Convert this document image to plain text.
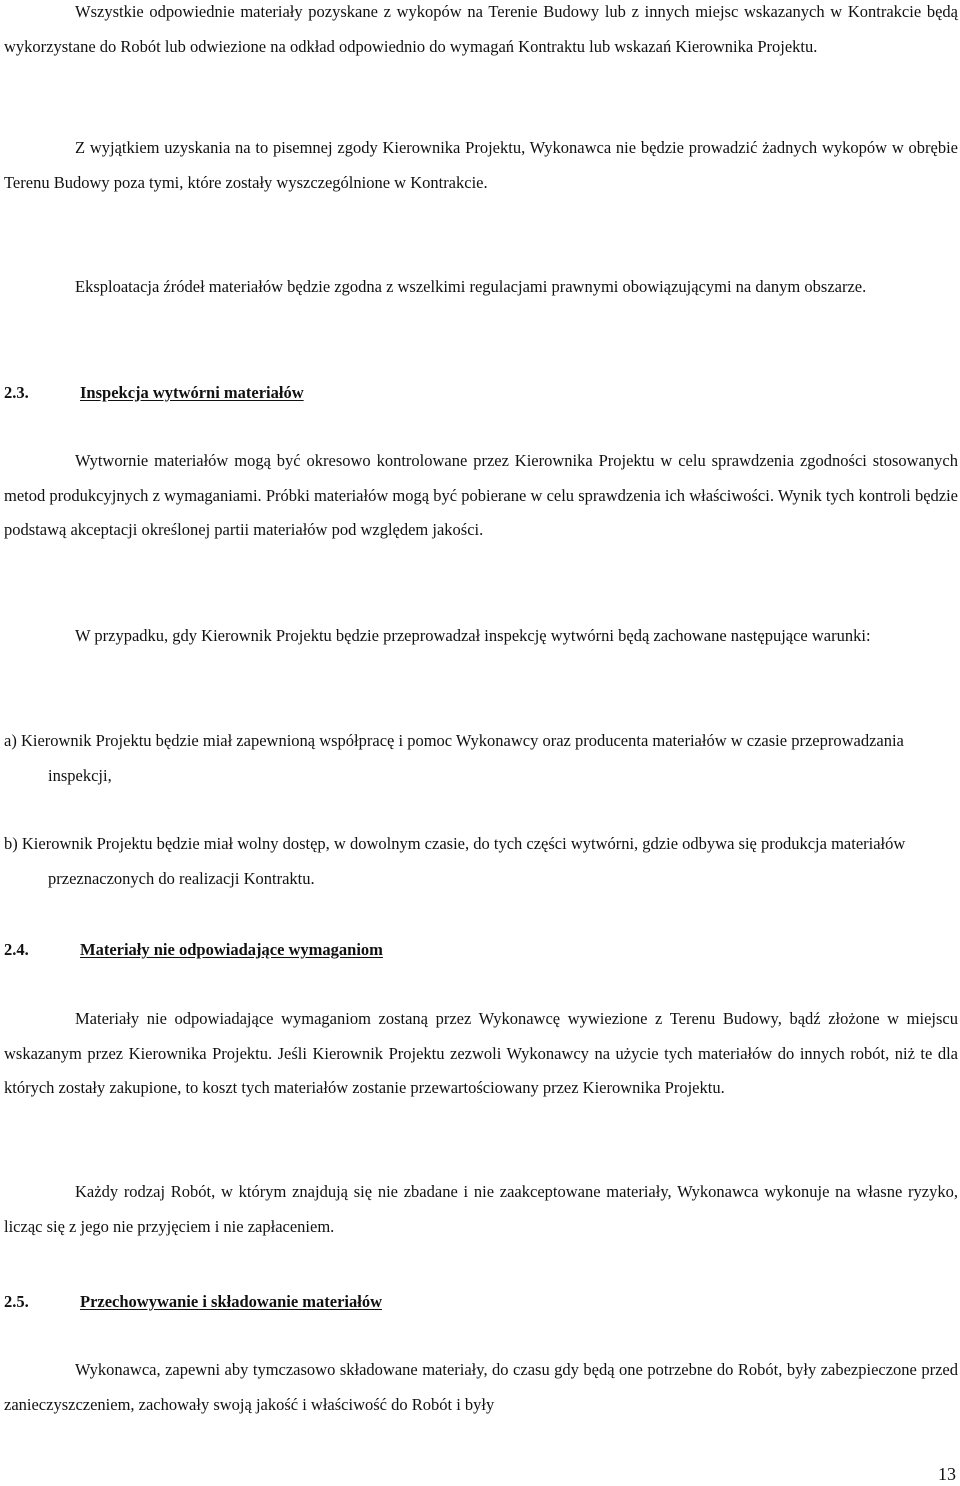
Wszystkie odpowiednie materiały pozyskane z wykopów na Terenie Budowy lub z innych miejsc wskazanych w Kontrakcie będą wykorzystane do Robót lub odwiezione na odkład odpowiednio do wymagań Kontraktu lub wskazań Kierownika Projektu.

Z wyjątkiem uzyskania na to pisemnej zgody Kierownika Projektu, Wykonawca nie będzie prowadzić żadnych wykopów w obrębie Terenu Budowy poza tymi, które zostały wyszczególnione w Kontrakcie.

Eksploatacja źródeł materiałów będzie zgodna z wszelkimi regulacjami prawnymi obowiązującymi na danym obszarze.

2.3.	Inspekcja wytwórni materiałów

Wytwornie materiałów mogą być okresowo kontrolowane przez Kierownika Projektu w celu sprawdzenia zgodności stosowanych metod produkcyjnych z wymaganiami. Próbki materiałów mogą być pobierane w celu sprawdzenia ich właściwości. Wynik tych kontroli będzie podstawą akceptacji określonej partii materiałów pod względem jakości.

W przypadku, gdy Kierownik Projektu będzie przeprowadzał inspekcję wytwórni będą zachowane następujące warunki:

a) Kierownik Projektu będzie miał zapewnioną współpracę i pomoc Wykonawcy oraz producenta materiałów w czasie przeprowadzania inspekcji,

b) Kierownik Projektu będzie miał wolny dostęp, w dowolnym czasie, do tych części wytwórni, gdzie odbywa się produkcja materiałów przeznaczonych do realizacji Kontraktu.

2.4.	Materiały nie odpowiadające wymaganiom

Materiały nie odpowiadające wymaganiom zostaną przez Wykonawcę wywiezione z Terenu Budowy, bądź złożone w miejscu wskazanym przez Kierownika Projektu. Jeśli Kierownik Projektu zezwoli Wykonawcy na użycie tych materiałów do innych robót, niż te dla których zostały zakupione, to koszt tych materiałów zostanie przewartościowany przez Kierownika Projektu.

Każdy rodzaj Robót, w którym znajdują się nie zbadane i nie zaakceptowane materiały, Wykonawca wykonuje na własne ryzyko, licząc się z jego nie przyjęciem i nie zapłaceniem.

2.5.	Przechowywanie i składowanie materiałów

Wykonawca, zapewni aby tymczasowo składowane materiały, do czasu gdy będą one potrzebne do Robót, były zabezpieczone przed zanieczyszczeniem, zachowały swoją jakość i właściwość do Robót i były

13
